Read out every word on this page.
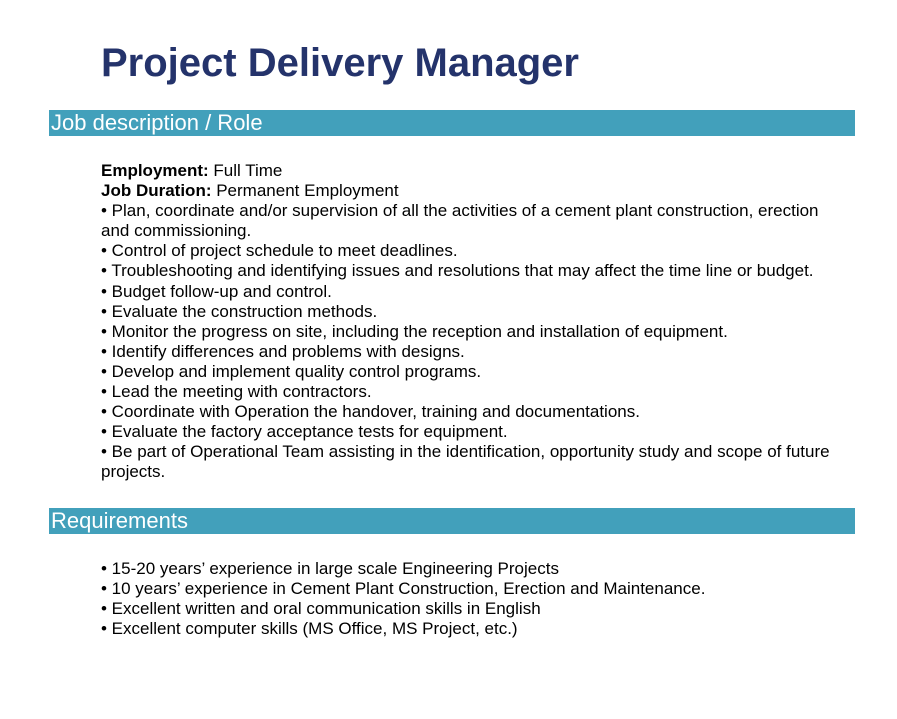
Project Delivery Manager
Job description / Role

Employment: Full Time

Job Duration: Permanent Employment

• Plan, coordinate and/or supervision of all the activities of a cement plant construction, erection and commissioning.

• Control of project schedule to meet deadlines.

• Troubleshooting and identifying issues and resolutions that may affect the time line or budget.

• Budget follow-up and control.

• Evaluate the construction methods.

• Monitor the progress on site, including the reception and installation of equipment.

• Identify differences and problems with designs.

• Develop and implement quality control programs.

• Lead the meeting with contractors.

• Coordinate with Operation the handover, training and documentations.

• Evaluate the factory acceptance tests for equipment.

• Be part of Operational Team assisting in the identification, opportunity study and scope of future projects.

Requirements

• 15-20 years’ experience in large scale Engineering Projects

• 10 years’ experience in Cement Plant Construction, Erection and Maintenance.

• Excellent written and oral communication skills in English

• Excellent computer skills (MS Office, MS Project, etc.)
